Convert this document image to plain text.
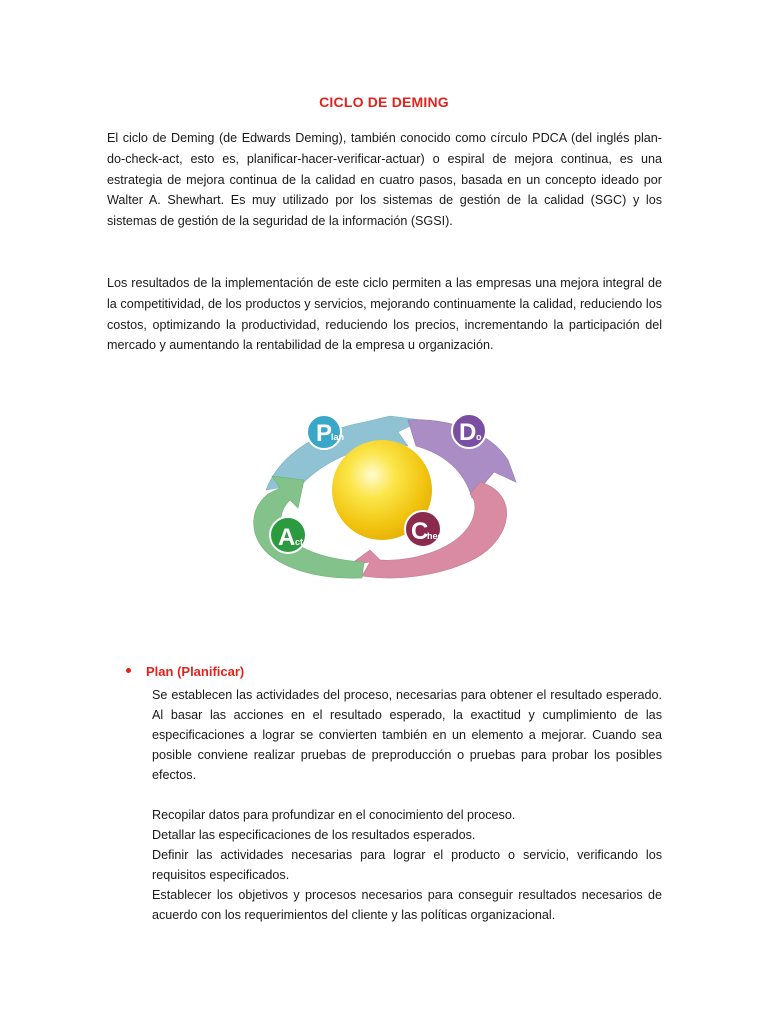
CICLO DE DEMING

El ciclo de Deming (de Edwards Deming), también conocido como círculo PDCA (del inglés plan-do-check-act, esto es, planificar-hacer-verificar-actuar) o espiral de mejora continua, es una estrategia de mejora continua de la calidad en cuatro pasos, basada en un concepto ideado por Walter A. Shewhart. Es muy utilizado por los sistemas de gestión de la calidad (SGC) y los sistemas de gestión de la seguridad de la información (SGSI).

Los resultados de la implementación de este ciclo permiten a las empresas una mejora integral de la competitividad, de los productos y servicios, mejorando continuamente la calidad, reduciendo los costos, optimizando la productividad, reduciendo los precios, incrementando la participación del mercado y aumentando la rentabilidad de la empresa u organización.

P
lan	D o
C
heck
A ct
Plan (Planificar)

Se establecen las actividades del proceso, necesarias para obtener el resultado esperado. Al basar las acciones en el resultado esperado, la exactitud y cumplimiento de las especificaciones a lograr se convierten también en un elemento a mejorar. Cuando sea posible conviene realizar pruebas de preproducción o pruebas para probar los posibles efectos.

Recopilar datos para profundizar en el conocimiento del proceso.
Detallar las especificaciones de los resultados esperados.
Definir las actividades necesarias para lograr el producto o servicio, verificando los requisitos especificados.
Establecer los objetivos y procesos necesarios para conseguir resultados necesarios de acuerdo con los requerimientos del cliente y las políticas organizacional.
